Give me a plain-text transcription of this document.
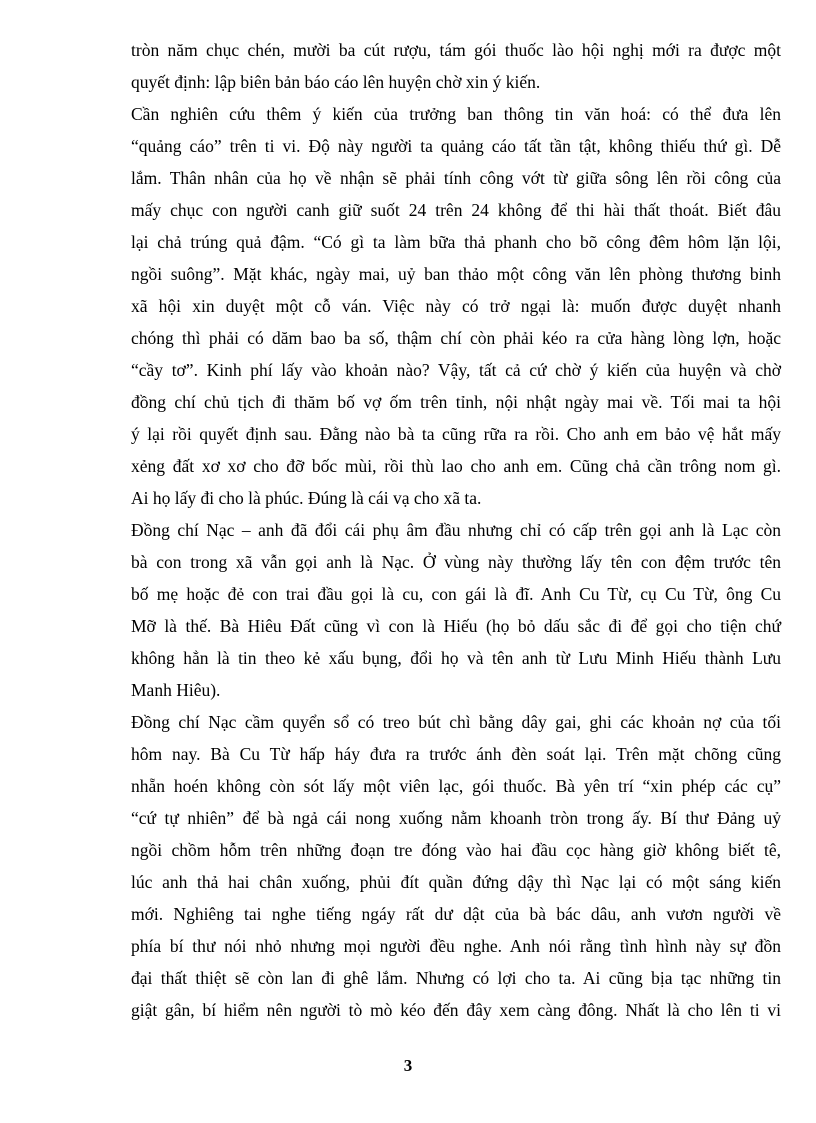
tròn năm chục chén, mười ba cút rượu, tám gói thuốc lào hội nghị mới ra được một
quyết định: lập biên bản báo cáo lên huyện chờ xin ý kiến.
Cần nghiên cứu thêm ý kiến của trưởng ban thông tin văn hoá: có thể đưa lên
“quảng cáo” trên ti vi. Độ này người ta quảng cáo tất tần tật, không thiếu thứ gì. Dễ
lắm. Thân nhân của họ về nhận sẽ phải tính công vớt từ giữa sông lên rồi công của
mấy chục con người canh giữ suốt 24 trên 24 không để thi hài thất thoát. Biết đâu
lại chả trúng quả đậm. “Có gì ta làm bữa thả phanh cho bõ công đêm hôm lặn lội,
ngồi suông”. Mặt khác, ngày mai, uỷ ban thảo một công văn lên phòng thương binh
xã hội xin duyệt một cỗ ván. Việc này có trở ngại là: muốn được duyệt nhanh
chóng thì phải có dăm bao ba số, thậm chí còn phải kéo ra cửa hàng lòng lợn, hoặc
“cầy tơ”. Kinh phí lấy vào khoản nào? Vậy, tất cả cứ chờ ý kiến của huyện và chờ
đồng chí chủ tịch đi thăm bố vợ ốm trên tỉnh, nội nhật ngày mai về. Tối mai ta hội
ý lại rồi quyết định sau. Đằng nào bà ta cũng rữa ra rồi. Cho anh em bảo vệ hắt mấy
xẻng đất xơ xơ cho đỡ bốc mùi, rồi thù lao cho anh em. Cũng chả cần trông nom gì.
Ai họ lấy đi cho là phúc. Đúng là cái vạ cho xã ta.
Đồng chí Nạc – anh đã đổi cái phụ âm đầu nhưng chỉ có cấp trên gọi anh là Lạc còn
bà con trong xã vẫn gọi anh là Nạc. Ở vùng này thường lấy tên con đệm trước tên
bố mẹ hoặc đẻ con trai đầu gọi là cu, con gái là đĩ. Anh Cu Từ, cụ Cu Từ, ông Cu
Mỡ là thế. Bà Hiêu Đất cũng vì con là Hiếu (họ bỏ dấu sắc đi để gọi cho tiện chứ
không hẳn là tin theo kẻ xấu bụng, đổi họ và tên anh từ Lưu Minh Hiếu thành Lưu
Manh Hiêu).
Đồng chí Nạc cầm quyển sổ có treo bút chì bằng dây gai, ghi các khoản nợ của tối
hôm nay. Bà Cu Từ hấp háy đưa ra trước ánh đèn soát lại. Trên mặt chõng cũng
nhẵn hoén không còn sót lấy một viên lạc, gói thuốc. Bà yên trí “xin phép các cụ”
“cứ tự nhiên” để bà ngả cái nong xuống nằm khoanh tròn trong ấy. Bí thư Đảng uỷ
ngồi chồm hỗm trên những đoạn tre đóng vào hai đầu cọc hàng giờ không biết tê,
lúc anh thả hai chân xuống, phủi đít quần đứng dậy thì Nạc lại có một sáng kiến
mới. Nghiêng tai nghe tiếng ngáy rất dư dật của bà bác dâu, anh vươn người về
phía bí thư nói nhỏ nhưng mọi người đều nghe. Anh nói rằng tình hình này sự đồn
đại thất thiệt sẽ còn lan đi ghê lắm. Nhưng có lợi cho ta. Ai cũng bịa tạc những tin
giật gân, bí hiểm nên người tò mò kéo đến đây xem càng đông. Nhất là cho lên ti vi
3
